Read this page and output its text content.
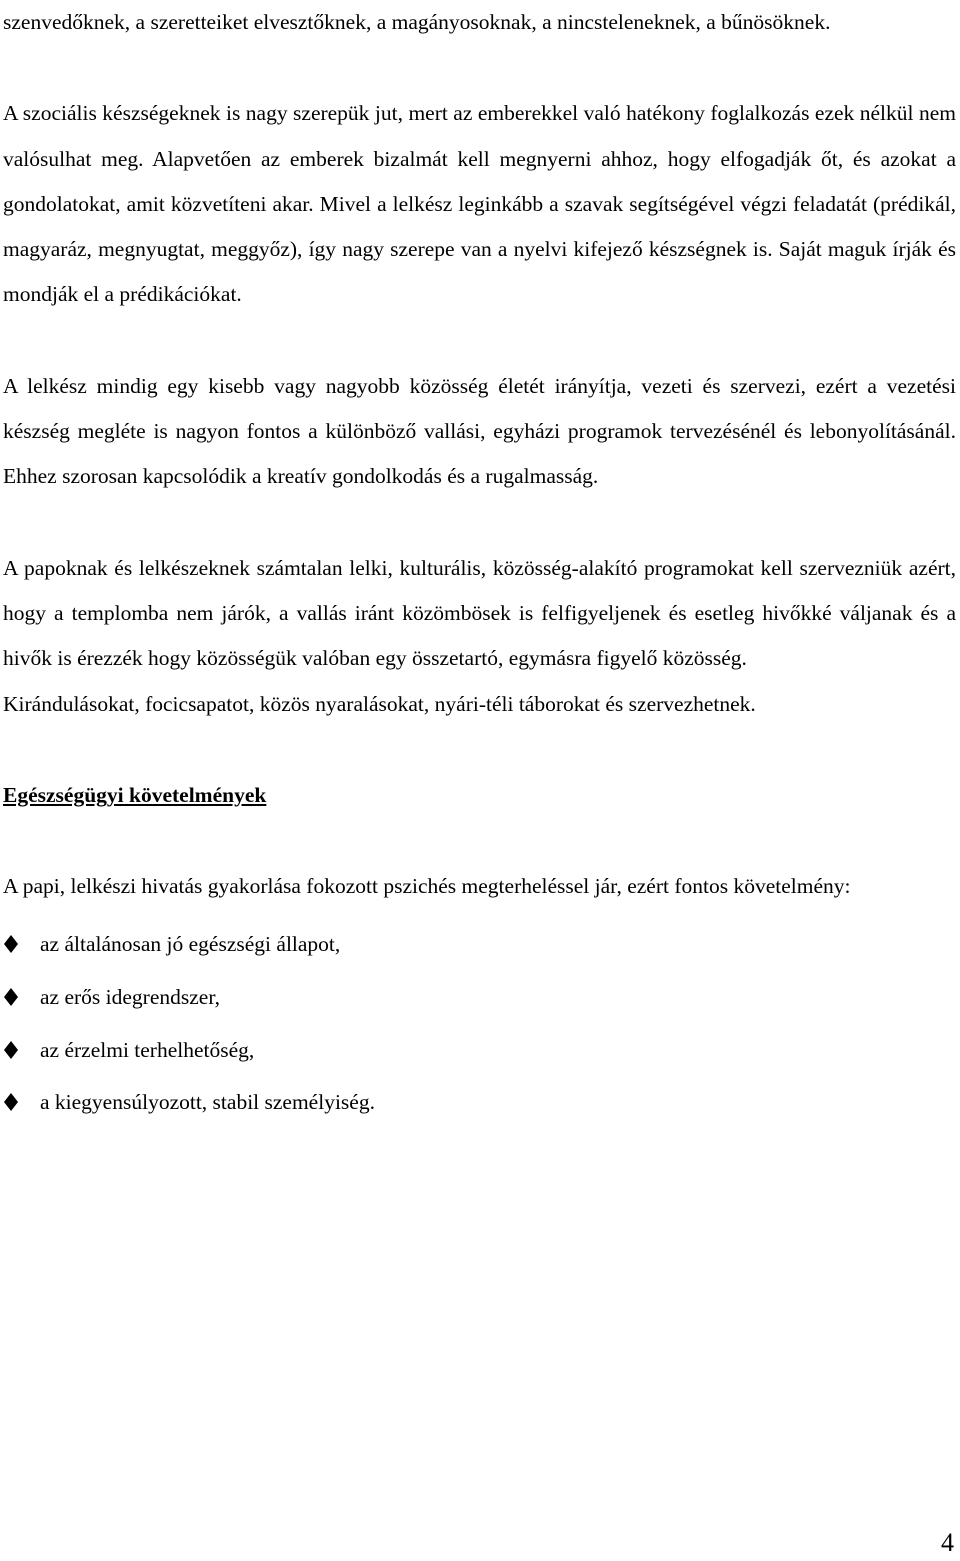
szenvedőknek, a szeretteiket elvesztőknek, a magányosoknak, a nincsteleneknek, a bűnösöknek.

A szociális készségeknek is nagy szerepük jut, mert az emberekkel való hatékony foglalkozás ezek nélkül nem valósulhat meg. Alapvetően az emberek bizalmát kell megnyerni ahhoz, hogy elfogadják őt, és azokat a gondolatokat, amit közvetíteni akar. Mivel a lelkész leginkább a szavak segítségével végzi feladatát (prédikál, magyaráz, megnyugtat, meggyőz), így nagy szerepe van a nyelvi kifejező készségnek is. Saját maguk írják és mondják el a prédikációkat.

A lelkész mindig egy kisebb vagy nagyobb közösség életét irányítja, vezeti és szervezi, ezért a vezetési készség megléte is nagyon fontos a különböző vallási, egyházi programok tervezésénél és lebonyolításánál. Ehhez szorosan kapcsolódik a kreatív gondolkodás és a rugalmasság.

A papoknak és lelkészeknek számtalan lelki, kulturális, közösség-alakító programokat kell szervezniük azért, hogy a templomba nem járók, a vallás iránt közömbösek is felfigyeljenek és esetleg hivőkké váljanak és a hivők is érezzék hogy közösségük valóban egy összetartó, egymásra figyelő közösség.

Kirándulásokat, focicsapatot, közös nyaralásokat, nyári-téli táborokat és szervezhetnek.

Egészségügyi követelmények

A papi, lelkészi hivatás gyakorlása fokozott pszichés megterheléssel jár, ezért fontos követelmény:

az általánosan jó egészségi állapot,
az erős idegrendszer,
az érzelmi terhelhetőség,
a kiegyensúlyozott, stabil személyiség.
4
